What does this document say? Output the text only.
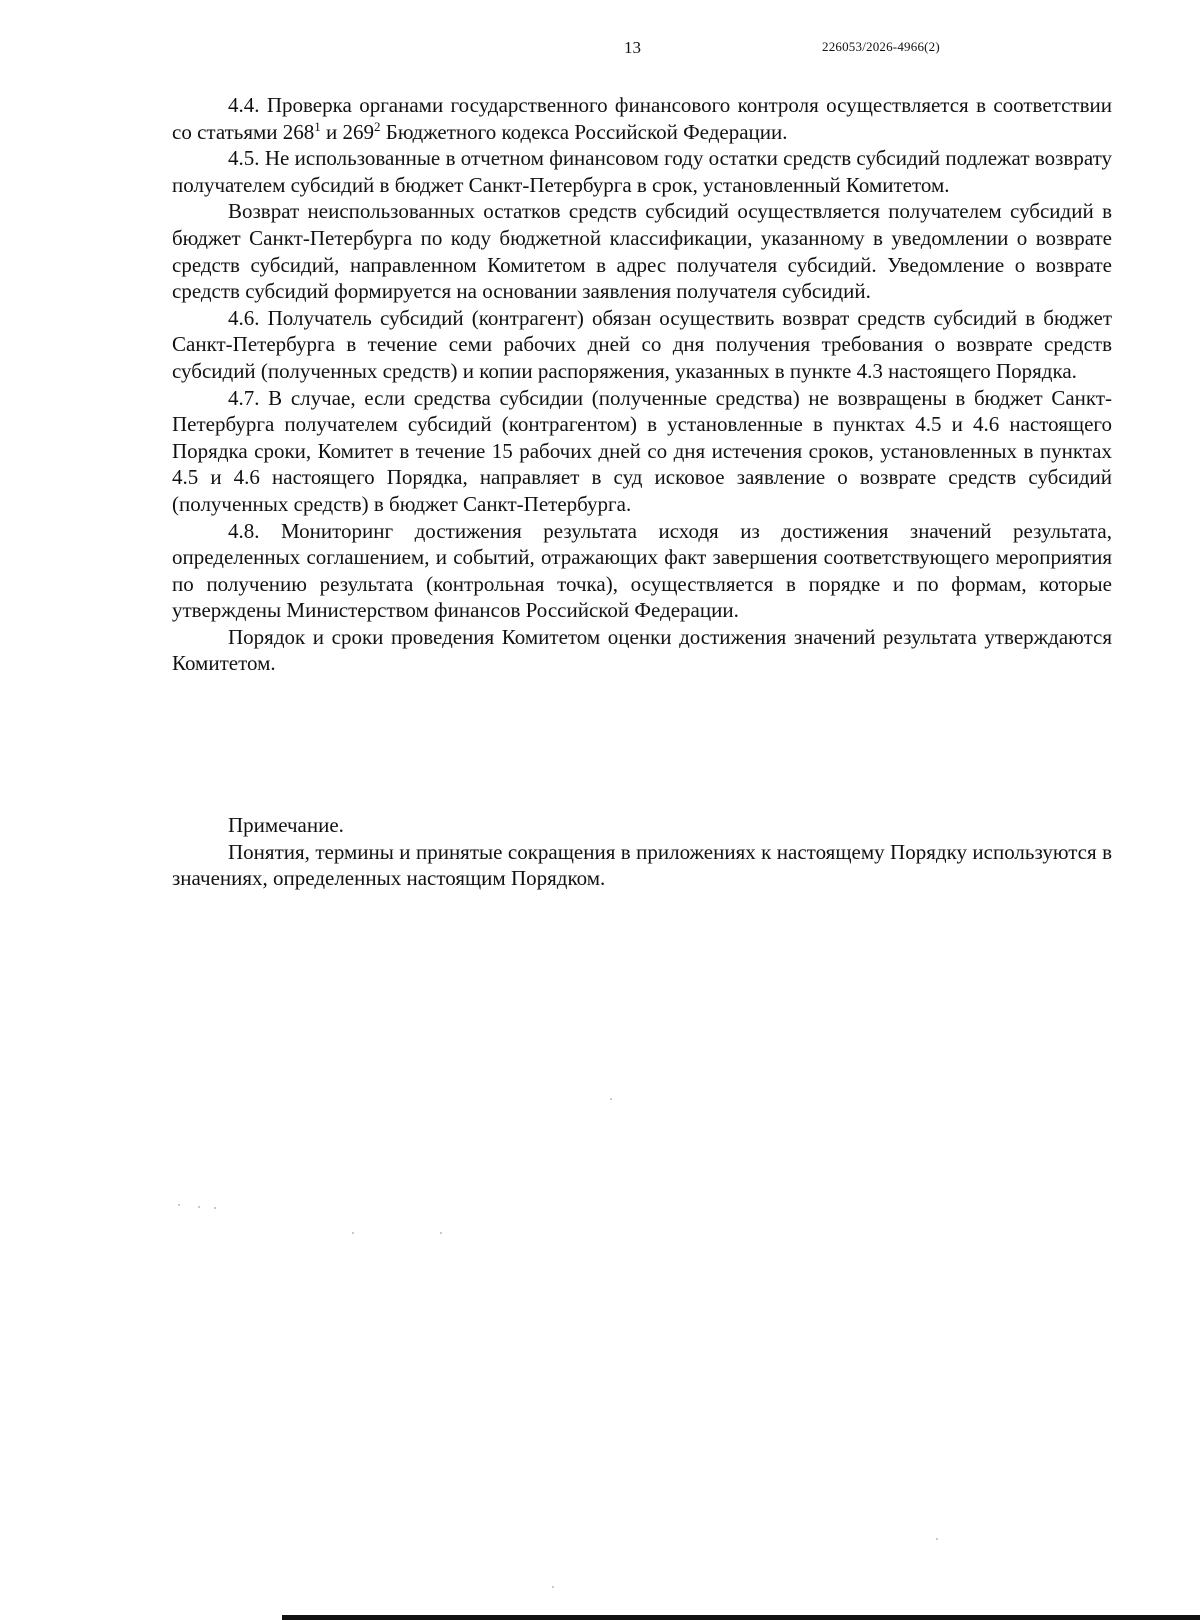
13	226053/2026-4966(2)

4.4. Проверка органами государственного финансового контроля осуществляется в соответствии со статьями $268^1$ и $269^2$ Бюджетного кодекса Российской Федерации.

4.5. Не использованные в отчетном финансовом году остатки средств субсидий подлежат возврату получателем субсидий в бюджет Санкт-Петербурга в срок, установленный Комитетом.

Возврат неиспользованных остатков средств субсидий осуществляется получателем субсидий в бюджет Санкт-Петербурга по коду бюджетной классификации, указанному в уведомлении о возврате средств субсидий, направленном Комитетом в адрес получателя субсидий. Уведомление о возврате средств субсидий формируется на основании заявления получателя субсидий.

4.6. Получатель субсидий (контрагент) обязан осуществить возврат средств субсидий в бюджет Санкт-Петербурга в течение семи рабочих дней со дня получения требования о возврате средств субсидий (полученных средств) и копии распоряжения, указанных в пункте 4.3 настоящего Порядка.

4.7. В случае, если средства субсидии (полученные средства) не возвращены в бюджет Санкт-Петербурга получателем субсидий (контрагентом) в установленные в пунктах 4.5 и 4.6 настоящего Порядка сроки, Комитет в течение 15 рабочих дней со дня истечения сроков, установленных в пунктах 4.5 и 4.6 настоящего Порядка, направляет в суд исковое заявление о возврате средств субсидий (полученных средств) в бюджет Санкт-Петербурга.

4.8. Мониторинг достижения результата исходя из достижения значений результата, определенных соглашением, и событий, отражающих факт завершения соответствующего мероприятия по получению результата (контрольная точка), осуществляется в порядке и по формам, которые утверждены Министерством финансов Российской Федерации.

Порядок и сроки проведения Комитетом оценки достижения значений результата утверждаются Комитетом.

Примечание.

Понятия, термины и принятые сокращения в приложениях к настоящему Порядку используются в значениях, определенных настоящим Порядком.
